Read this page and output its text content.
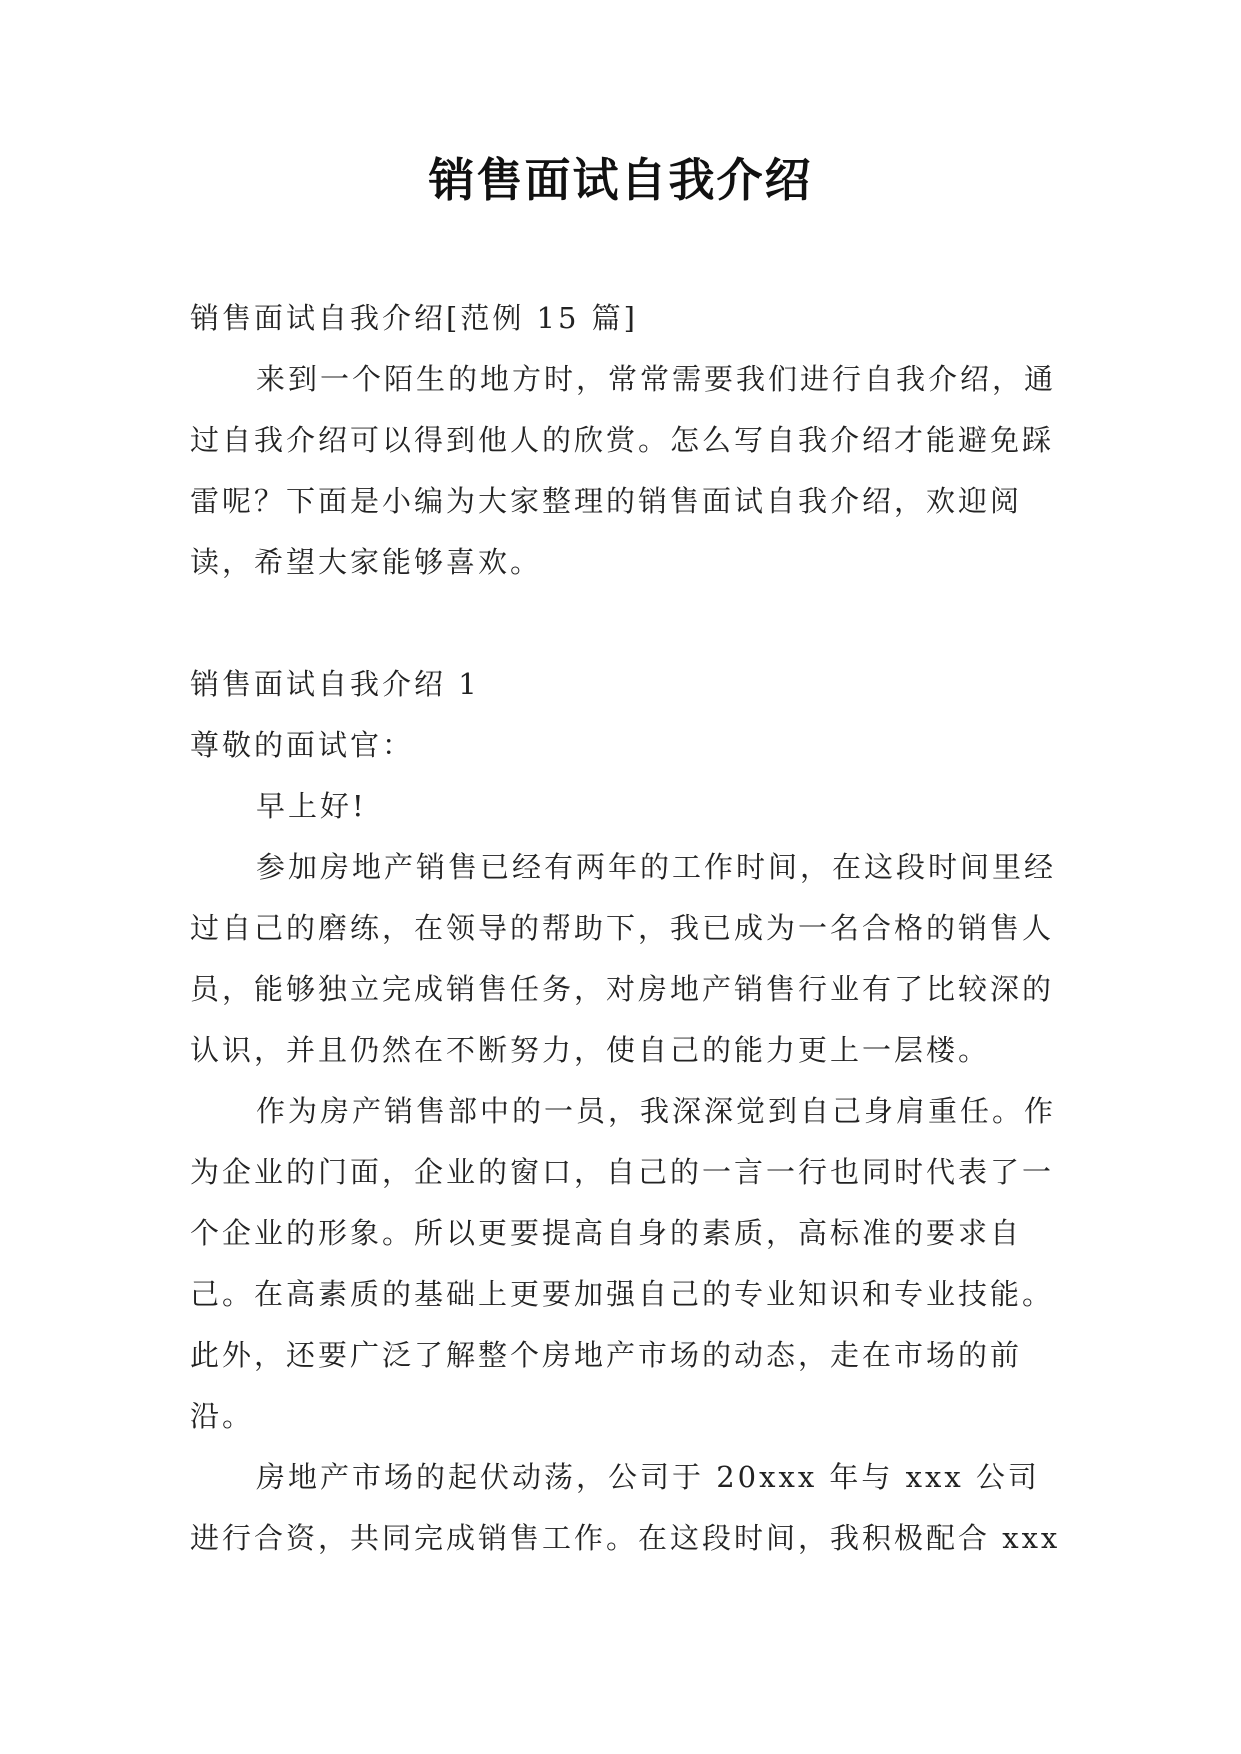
销售面试自我介绍

销售面试自我介绍[范例 15 篇]

来到一个陌生的地方时，常常需要我们进行自我介绍，通过自我介绍可以得到他人的欣赏。怎么写自我介绍才能避免踩雷呢？下面是小编为大家整理的销售面试自我介绍，欢迎阅读，希望大家能够喜欢。

销售面试自我介绍 1

尊敬的面试官：

早上好!

参加房地产销售已经有两年的工作时间，在这段时间里经过自己的磨练，在领导的帮助下，我已成为一名合格的销售人员，能够独立完成销售任务，对房地产销售行业有了比较深的认识，并且仍然在不断努力，使自己的能力更上一层楼。

作为房产销售部中的一员，我深深觉到自己身肩重任。作为企业的门面，企业的窗口，自己的一言一行也同时代表了一个企业的形象。所以更要提高自身的素质，高标准的要求自己。在高素质的基础上更要加强自己的专业知识和专业技能。此外，还要广泛了解整个房地产市场的动态，走在市场的前沿。

房地产市场的起伏动荡，公司于 20xxx 年与 xxx 公司进行合资，共同完成销售工作。在这段时间，我积极配合 xxx
